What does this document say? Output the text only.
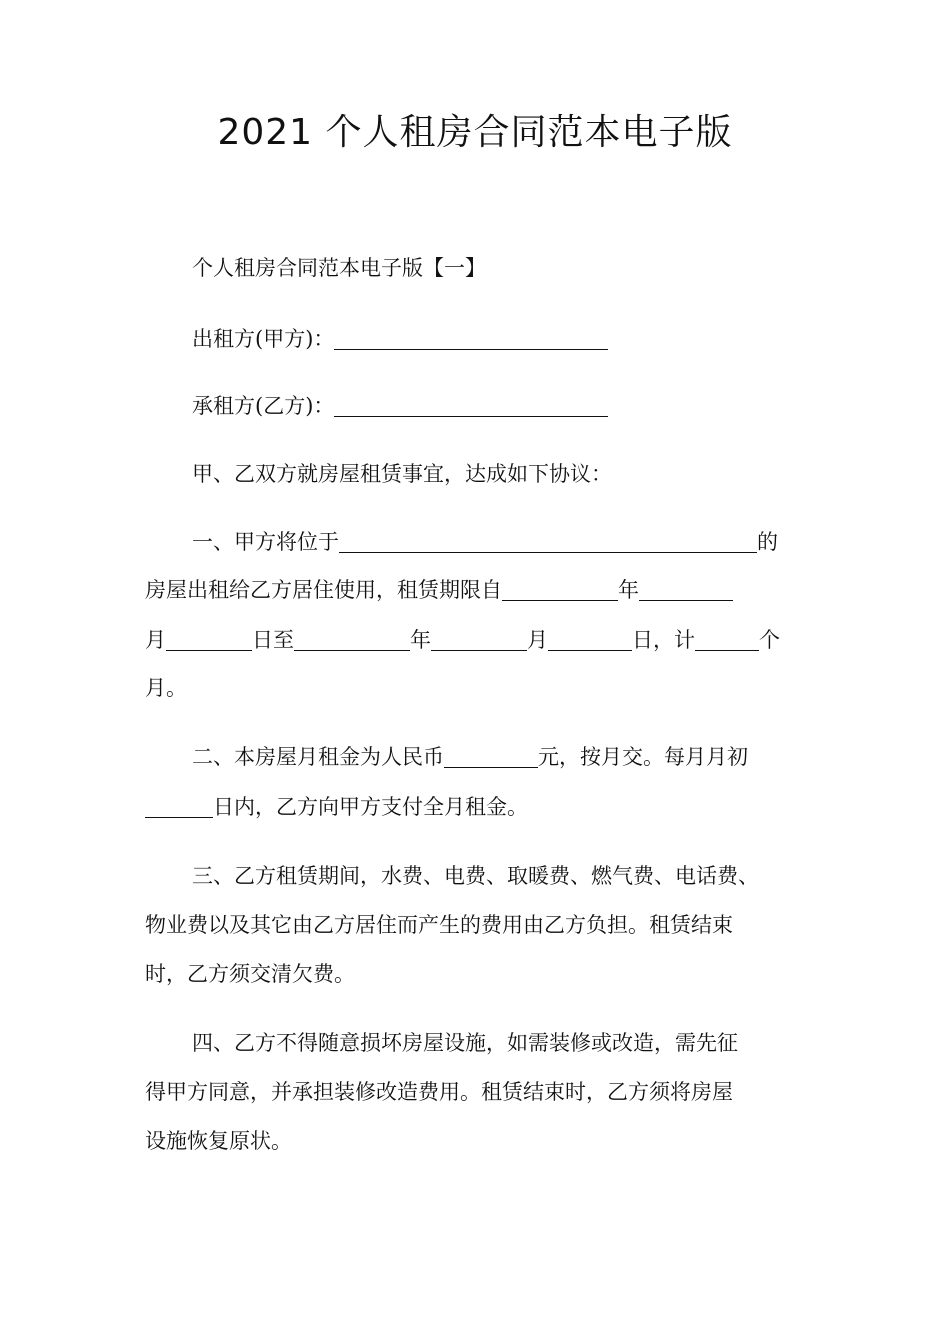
2021 个人租房合同范本电子版
个人租房合同范本电子版【一】
出租方(甲方)：
承租方(乙方)：
甲、乙双方就房屋租赁事宜，达成如下协议：
一、甲方将位于	的
房屋出租给乙方居住使用，租赁期限自	年
月	日至	年	月	日，计	个
月。
二、本房屋月租金为人民币	元，按月交。每月月初
日内，乙方向甲方支付全月租金。
三、乙方租赁期间，水费、电费、取暖费、燃气费、电话费、
物业费以及其它由乙方居住而产生的费用由乙方负担。租赁结束
时，乙方须交清欠费。
四、乙方不得随意损坏房屋设施，如需装修或改造，需先征
得甲方同意，并承担装修改造费用。租赁结束时，乙方须将房屋
设施恢复原状。
